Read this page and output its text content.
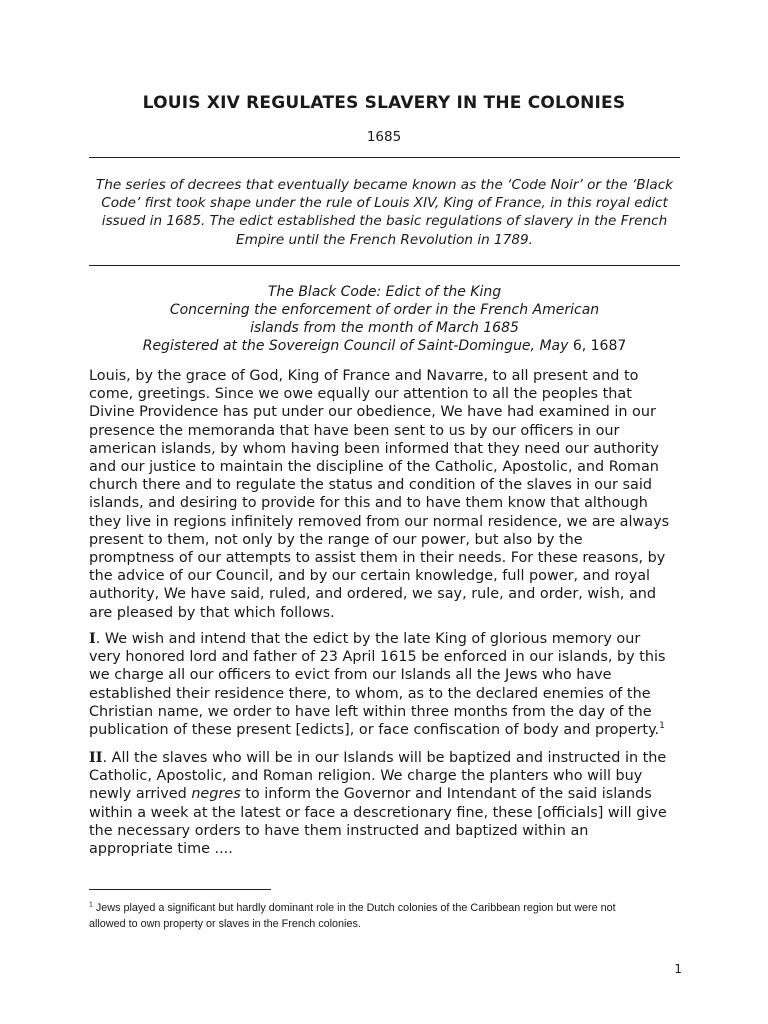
LOUIS XIV REGULATES SLAVERY IN THE COLONIES
1685
The series of decrees that eventually became known as the ‘Code Noir’ or the ‘Black
Code’ first took shape under the rule of Louis XIV, King of France, in this royal edict
issued in 1685. The edict established the basic regulations of slavery in the French
Empire until the French Revolution in 1789.
The Black Code: Edict of the King
Concerning the enforcement of order in the French American
islands from the month of March 1685
Registered at the Sovereign Council of Saint-Domingue, May 6, 1687
Louis, by the grace of God, King of France and Navarre, to all present and to
come, greetings. Since we owe equally our attention to all the peoples that
Divine Providence has put under our obedience, We have had examined in our
presence the memoranda that have been sent to us by our officers in our
american islands, by whom having been informed that they need our authority
and our justice to maintain the discipline of the Catholic, Apostolic, and Roman
church there and to regulate the status and condition of the slaves in our said
islands, and desiring to provide for this and to have them know that although
they live in regions infinitely removed from our normal residence, we are always
present to them, not only by the range of our power, but also by the
promptness of our attempts to assist them in their needs. For these reasons, by
the advice of our Council, and by our certain knowledge, full power, and royal
authority, We have said, ruled, and ordered, we say, rule, and order, wish, and
are pleased by that which follows.
I. We wish and intend that the edict by the late King of glorious memory our
very honored lord and father of 23 April 1615 be enforced in our islands, by this
we charge all our officers to evict from our Islands all the Jews who have
established their residence there, to whom, as to the declared enemies of the
Christian name, we order to have left within three months from the day of the
publication of these present [edicts], or face confiscation of body and property.$^1$
II. All the slaves who will be in our Islands will be baptized and instructed in the
Catholic, Apostolic, and Roman religion. We charge the planters who will buy
newly arrived negres to inform the Governor and Intendant of the said islands
within a week at the latest or face a descretionary fine, these [officials] will give
the necessary orders to have them instructed and baptized within an
appropriate time ....
$^1$ Jews played a significant but hardly dominant role in the Dutch colonies of the Caribbean region but were not
allowed to own property or slaves in the French colonies.
1
